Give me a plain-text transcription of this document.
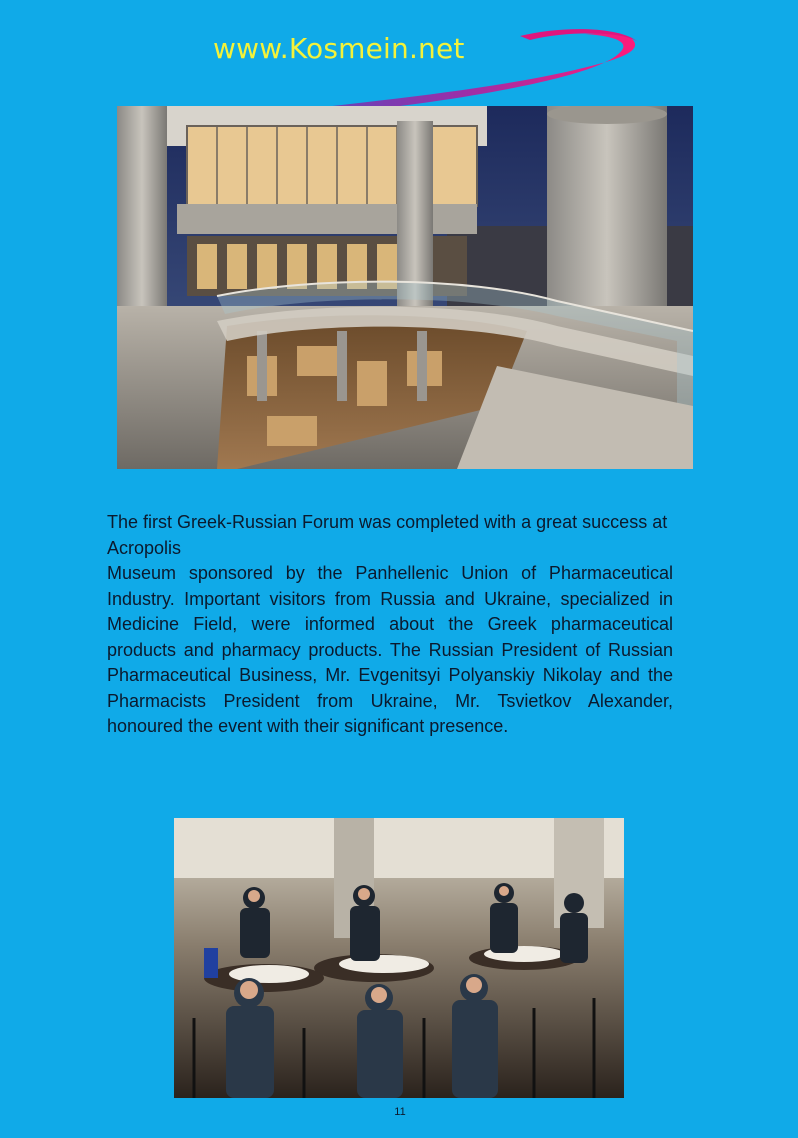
www.Kosmein.net

The first Greek-Russian Forum was completed with a great success at Acropolis

Museum sponsored by the Panhellenic Union of Pharmaceutical Industry. Important visitors from Russia and Ukraine, specialized in Medicine Field, were informed about the Greek pharmaceutical products and pharmacy products. The Russian President of Russian Pharmaceutical Business, Mr. Evgenitsyi Polyanskiy Nikolay and the Pharmacists President from Ukraine, Mr. Tsvietkov Alexander, honoured the event with their significant presence.

11
